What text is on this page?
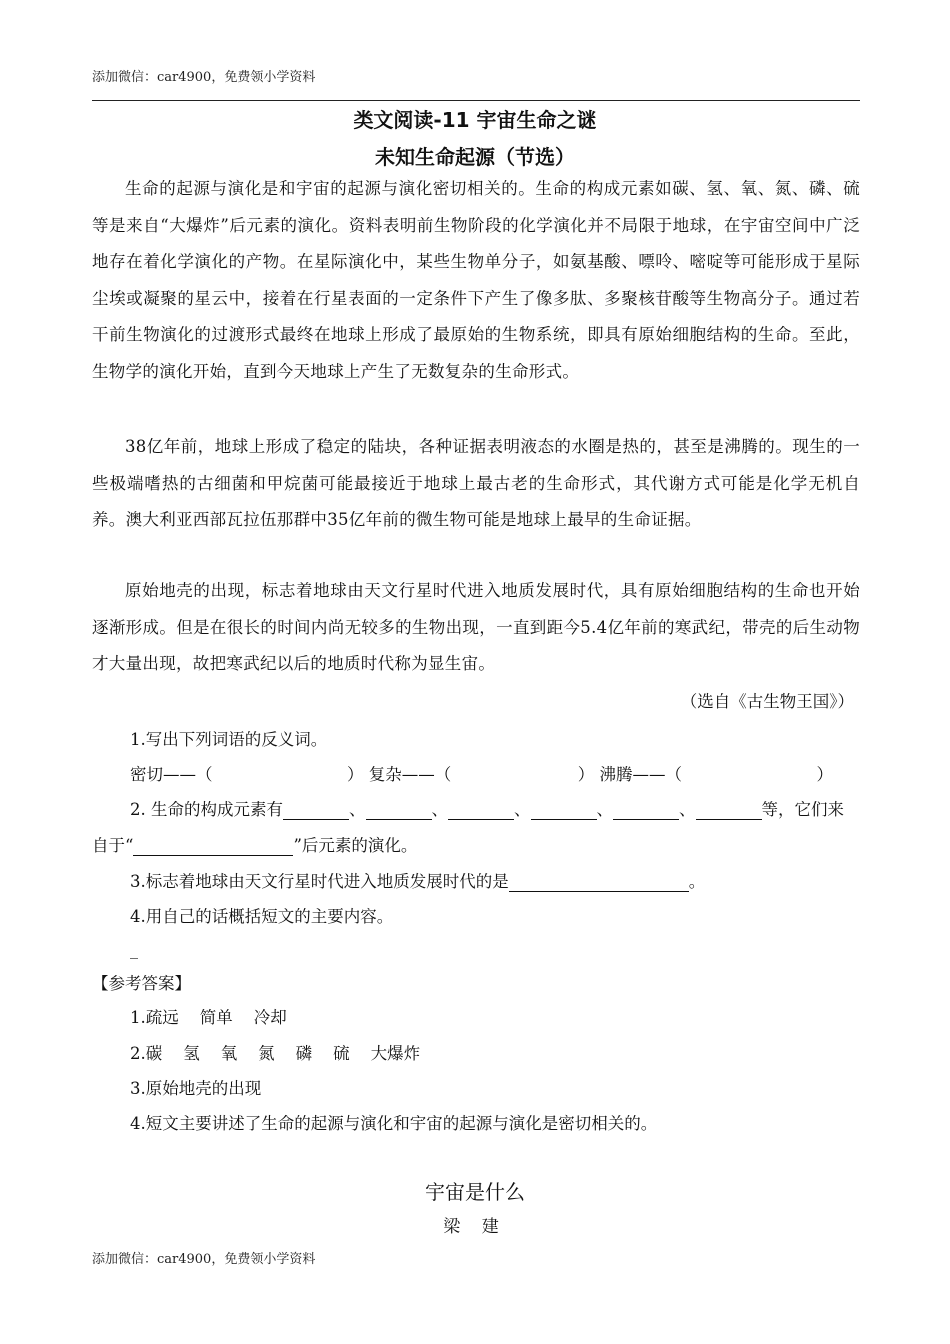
添加微信：car4900，免费领小学资料
类文阅读-11 宇宙生命之谜
未知生命起源（节选）

生命的起源与演化是和宇宙的起源与演化密切相关的。生命的构成元素如碳、氢、氧、氮、磷、硫等是来自“大爆炸”后元素的演化。资料表明前生物阶段的化学演化并不局限于地球，在宇宙空间中广泛地存在着化学演化的产物。在星际演化中，某些生物单分子，如氨基酸、嘌呤、嘧啶等可能形成于星际尘埃或凝聚的星云中，接着在行星表面的一定条件下产生了像多肽、多聚核苷酸等生物高分子。通过若干前生物演化的过渡形式最终在地球上形成了最原始的生物系统，即具有原始细胞结构的生命。至此，生物学的演化开始，直到今天地球上产生了无数复杂的生命形式。

38亿年前，地球上形成了稳定的陆块，各种证据表明液态的水圈是热的，甚至是沸腾的。现生的一些极端嗜热的古细菌和甲烷菌可能最接近于地球上最古老的生命形式，其代谢方式可能是化学无机自养。澳大利亚西部瓦拉伍那群中35亿年前的微生物可能是地球上最早的生命证据。

原始地壳的出现，标志着地球由天文行星时代进入地质发展时代，具有原始细胞结构的生命也开始逐渐形成。但是在很长的时间内尚无较多的生物出现，一直到距今5.4亿年前的寒武纪，带壳的后生动物才大量出现，故把寒武纪以后的地质时代称为显生宙。

（选自《古生物王国》）
1.写出下列词语的反义词。
密切——（	） 复杂——（	） 沸腾——（	）
2. 生命的构成元素有	、	、	、	、	、	等，它们来
自于“	”后元素的演化。
3.标志着地球由天文行星时代进入地质发展时代的是	。
4.用自己的话概括短文的主要内容。
_
【参考答案】
1.疏远    简单    冷却
2.碳    氢    氧    氮    磷    硫    大爆炸
3.原始地壳的出现
4.短文主要讲述了生命的起源与演化和宇宙的起源与演化是密切相关的。
宇宙是什么
梁 建
添加微信：car4900，免费领小学资料
